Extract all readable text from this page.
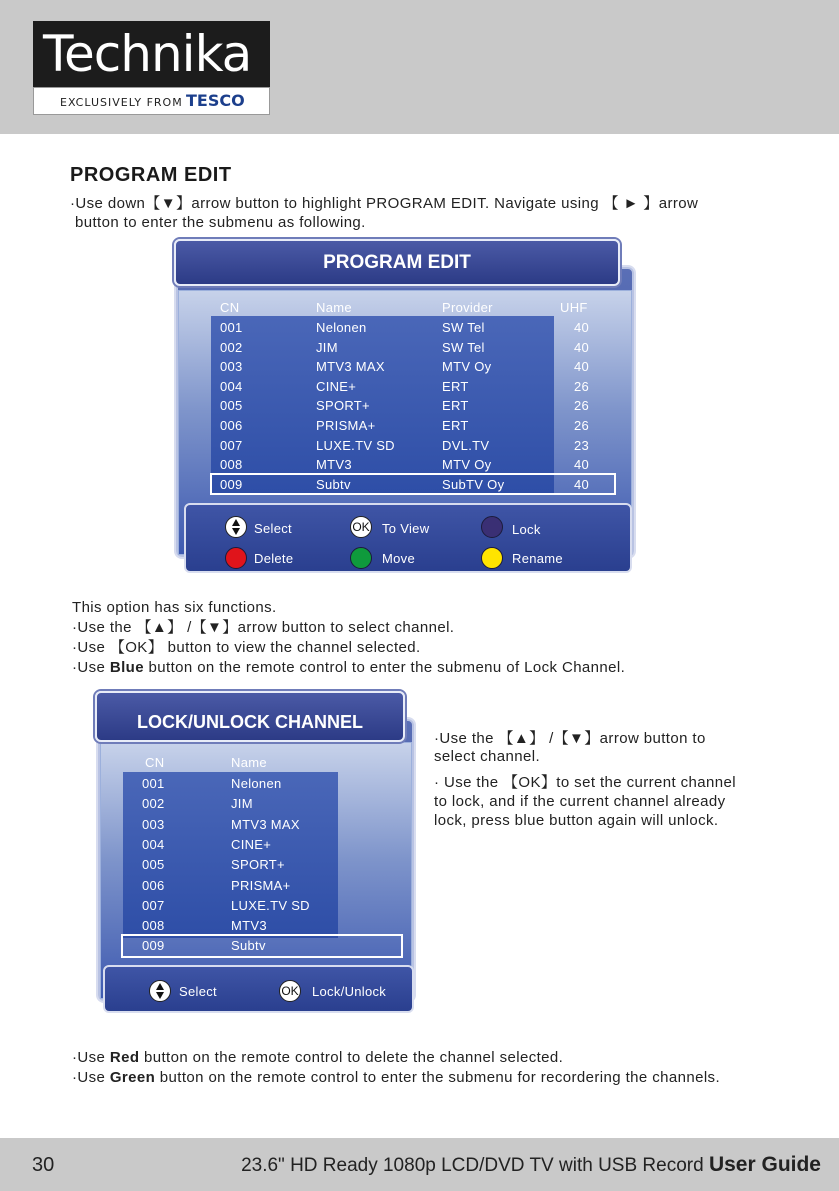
Technika
EXCLUSIVELY FROM TESCO
PROGRAM EDIT
·Use down【▼】arrow button to highlight PROGRAM EDIT. Navigate using 【 ► 】arrow
button to enter the submenu as following.
PROGRAM EDIT
CN	Name	Provider	UHF
001	Nelonen	SW Tel	40
002	JIM	SW Tel	40
003	MTV3 MAX	MTV Oy	40
004	CINE+	ERT	26
005	SPORT+	ERT	26
006	PRISMA+	ERT	26
007	LUXE.TV SD	DVL.TV	23
008	MTV3	MTV Oy	40
009	Subtv	SubTV Oy	40
Select	OK To View	Lock
Delete	Move	Rename
This option has six functions.
·Use the 【▲】 /【▼】arrow button to select channel.
·Use 【OK】 button to view the channel selected.
·Use Blue button on the remote control to enter the submenu of Lock Channel.
LOCK/UNLOCK CHANNEL
CN	Name
001	Nelonen
002	JIM
003	MTV3 MAX
004	CINE+
005	SPORT+
006	PRISMA+
007	LUXE.TV SD
008	MTV3
009	Subtv
Select	OK Lock/Unlock
·Use the 【▲】 /【▼】arrow button to
select channel.
· Use the 【OK】to set the current channel
to lock, and if the current channel already
lock, press blue button again will unlock.
·Use Red button on the remote control to delete the channel selected.
·Use Green button on the remote control to enter the submenu for recordering the channels.
30	23.6" HD Ready 1080p LCD/DVD TV with USB Record User Guide
